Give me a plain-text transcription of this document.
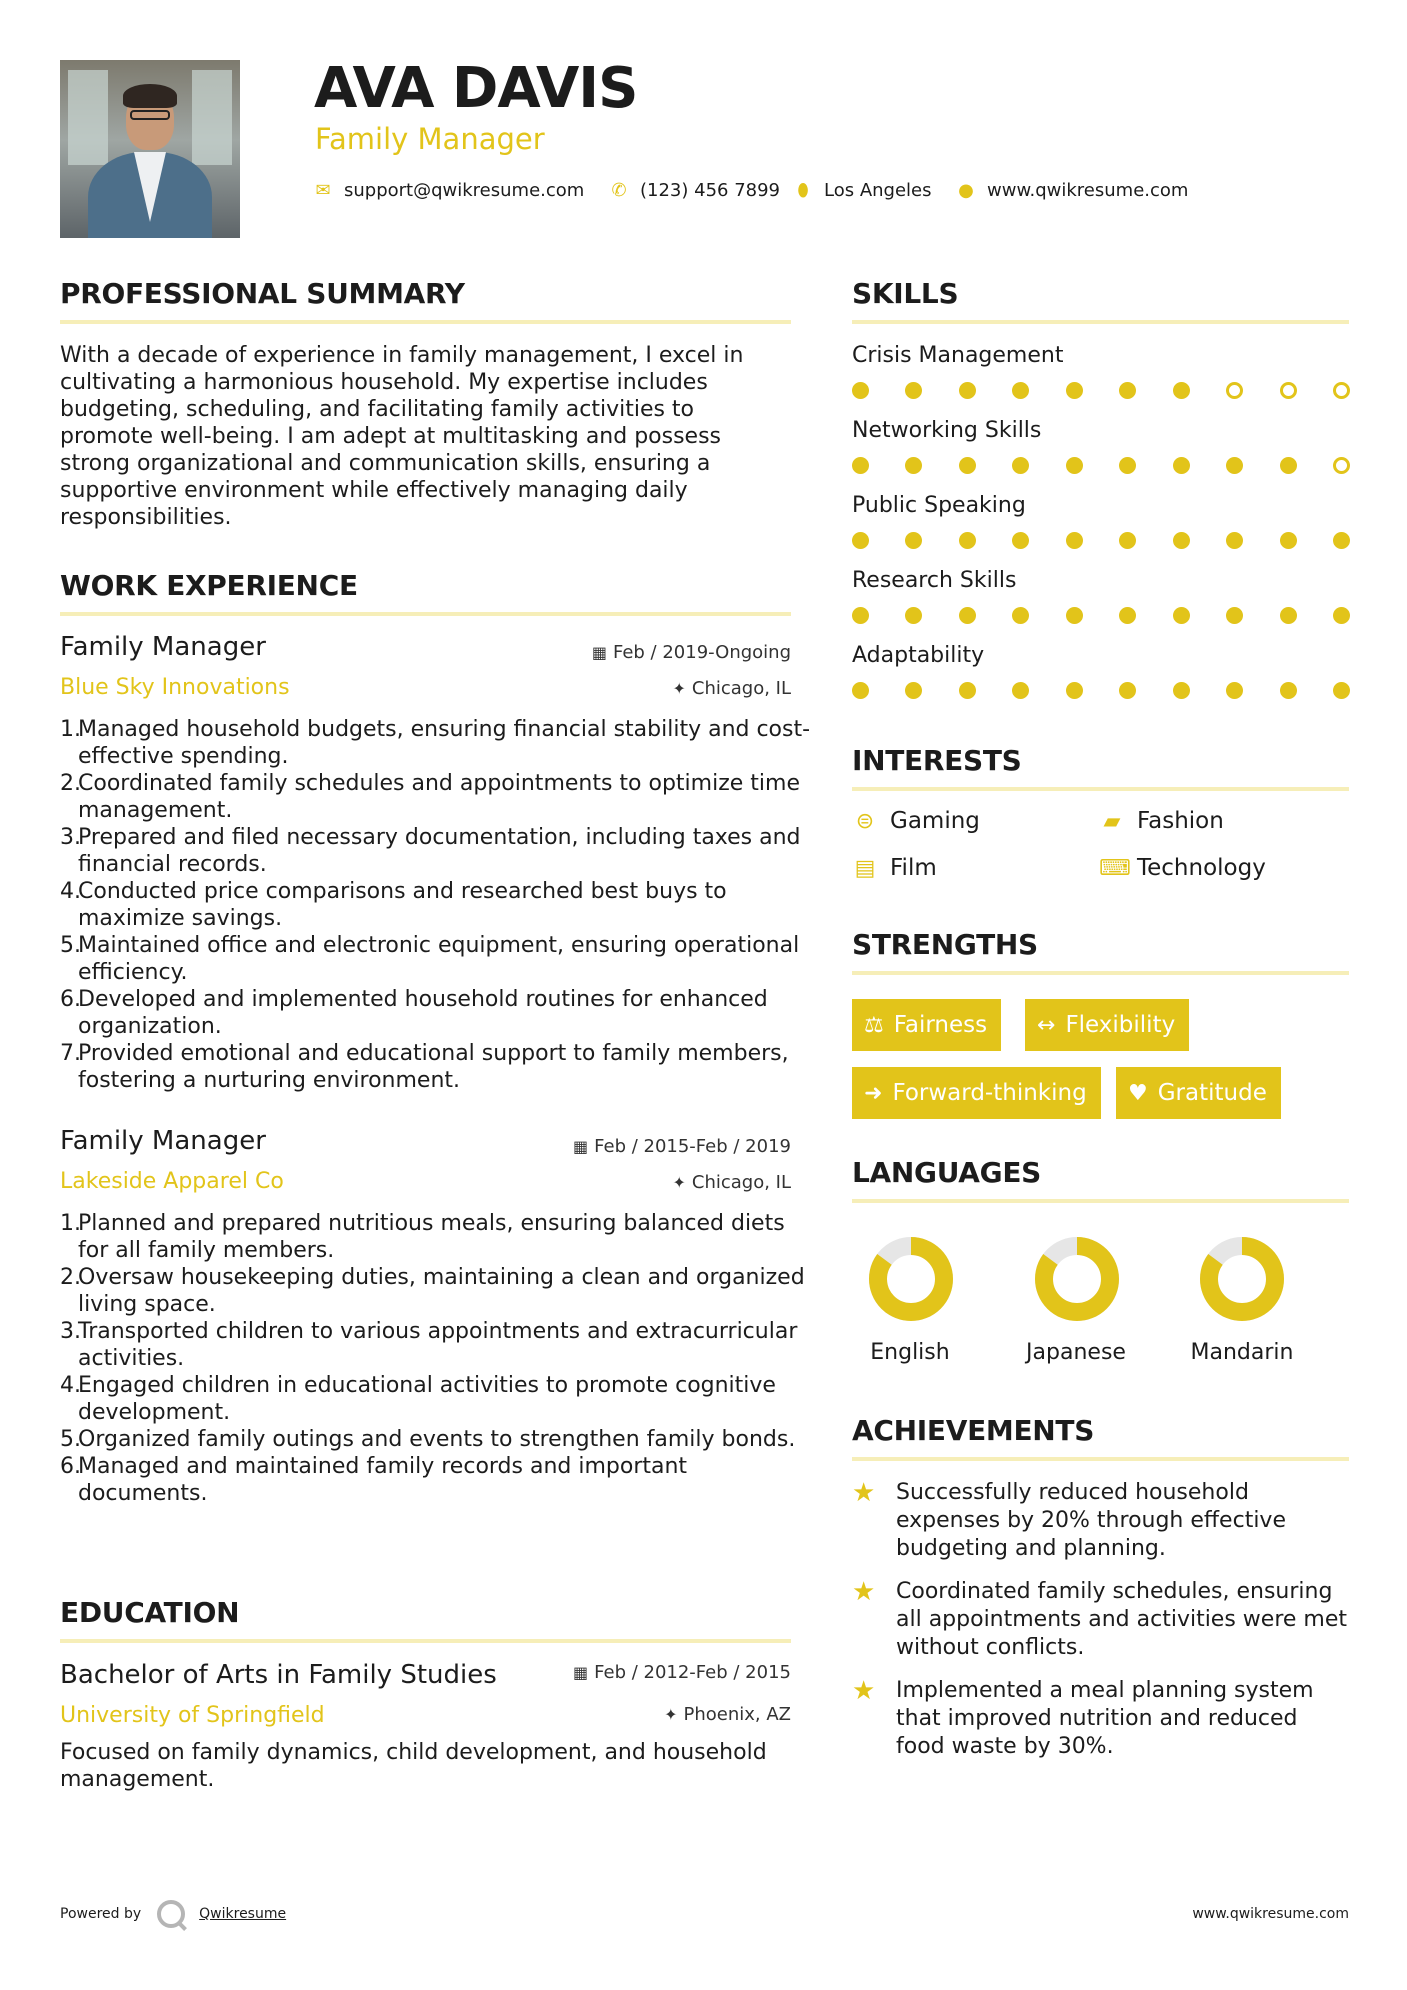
AVA DAVIS
Family Manager
✉ support@qwikresume.com ✆ (123) 456 7899 ⬮ Los Angeles ● www.qwikresume.com
PROFESSIONAL SUMMARY

With a decade of experience in family management, I excel in cultivating a harmonious household. My expertise includes budgeting, scheduling, and facilitating family activities to promote well-being. I am adept at multitasking and possess strong organizational and communication skills, ensuring a supportive environment while effectively managing daily responsibilities.

WORK EXPERIENCE
Family Manager	▦ Feb / 2019-Ongoing
Blue Sky Innovations	✦ Chicago, IL
Managed household budgets, ensuring financial stability and cost-effective spending.
Coordinated family schedules and appointments to optimize time management.
Prepared and filed necessary documentation, including taxes and financial records.
Conducted price comparisons and researched best buys to maximize savings.
Maintained office and electronic equipment, ensuring operational efficiency.
Developed and implemented household routines for enhanced organization.
Provided emotional and educational support to family members, fostering a nurturing environment.
Family Manager	▦ Feb / 2015-Feb / 2019
Lakeside Apparel Co	✦ Chicago, IL
Planned and prepared nutritious meals, ensuring balanced diets for all family members.
Oversaw housekeeping duties, maintaining a clean and organized living space.
Transported children to various appointments and extracurricular activities.
Engaged children in educational activities to promote cognitive development.
Organized family outings and events to strengthen family bonds.
Managed and maintained family records and important documents.
EDUCATION
Bachelor of Arts in Family Studies	▦ Feb / 2012-Feb / 2015
University of Springfield	✦ Phoenix, AZ

Focused on family dynamics, child development, and household management.

SKILLS
Crisis Management
Networking Skills
Public Speaking
Research Skills
Adaptability
INTERESTS
⊜ Gaming	▰ Fashion
▤ Film	⌨ Technology
STRENGTHS
⚖ Fairness ↔ Flexibility
➜ Forward-thinking ♥ Gratitude
LANGUAGES
English	Japanese	Mandarin
ACHIEVEMENTS
★ Successfully reduced household expenses by 20% through effective budgeting and planning.
★ Coordinated family schedules, ensuring all appointments and activities were met without conflicts.
★ Implemented a meal planning system that improved nutrition and reduced food waste by 30%.
Powered by	Qwikresume	www.qwikresume.com
